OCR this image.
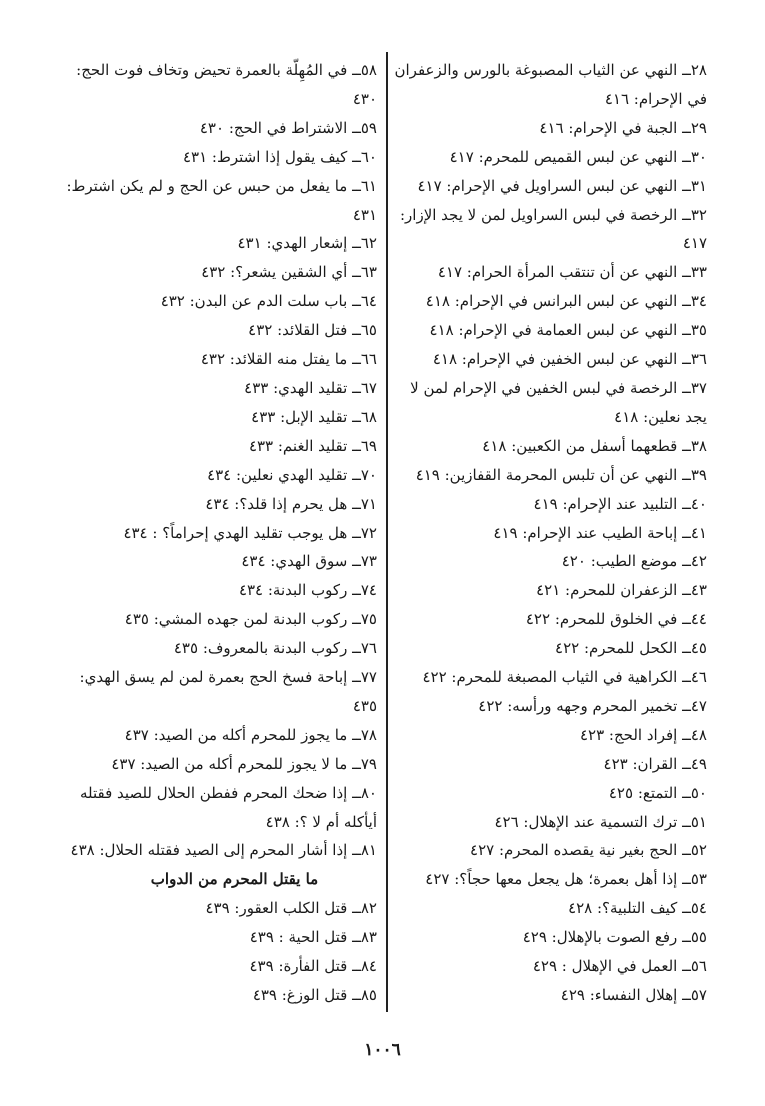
٢٨ــ النهي عن الثياب المصبوغة بالورس والزعفران في الإحرام: ٤١٦
٢٩ــ الجبة في الإحرام: ٤١٦
٣٠ــ النهي عن لبس القميص للمحرم: ٤١٧
٣١ــ النهي عن لبس السراويل في الإحرام: ٤١٧
٣٢ــ الرخصة في لبس السراويل لمن لا يجد الإزار: ٤١٧
٣٣ــ النهي عن أن تنتقب المرأة الحرام: ٤١٧
٣٤ــ النهي عن لبس البرانس في الإحرام: ٤١٨
٣٥ــ النهي عن لبس العمامة في الإحرام: ٤١٨
٣٦ــ النهي عن لبس الخفين في الإحرام: ٤١٨
٣٧ــ الرخصة في لبس الخفين في الإحرام لمن لا يجد نعلين: ٤١٨
٣٨ــ قطعهما أسفل من الكعبين: ٤١٨
٣٩ــ النهي عن أن تلبس المحرمة القفازين: ٤١٩
٤٠ــ التلبيد عند الإحرام: ٤١٩
٤١ــ إباحة الطيب عند الإحرام: ٤١٩
٤٢ــ موضع الطيب: ٤٢٠
٤٣ــ الزعفران للمحرم: ٤٢١
٤٤ــ في الخلوق للمحرم: ٤٢٢
٤٥ــ الكحل للمحرم: ٤٢٢
٤٦ــ الكراهية في الثياب المصبغة للمحرم: ٤٢٢
٤٧ــ تخمير المحرم وجهه ورأسه: ٤٢٢
٤٨ــ إفراد الحج: ٤٢٣
٤٩ــ القران: ٤٢٣
٥٠ــ التمتع: ٤٢٥
٥١ــ ترك التسمية عند الإهلال: ٤٢٦
٥٢ــ الحج بغير نية يقصده المحرم: ٤٢٧
٥٣ــ إذا أهل بعمرة؛ هل يجعل معها حجاً؟: ٤٢٧
٥٤ــ كيف التلبية؟: ٤٢٨
٥٥ــ رفع الصوت بالإهلال: ٤٢٩
٥٦ــ العمل في الإهلال : ٤٢٩
٥٧ــ إهلال النفساء: ٤٢٩
٥٨ــ في المُهِلّة بالعمرة تحيض وتخاف فوت الحج: ٤٣٠
٥٩ــ الاشتراط في الحج: ٤٣٠
٦٠ــ كيف يقول إذا اشترط: ٤٣١
٦١ــ ما يفعل من حبس عن الحج و لم يكن اشترط: ٤٣١
٦٢ــ إشعار الهدي: ٤٣١
٦٣ــ أي الشقين يشعر؟: ٤٣٢
٦٤ــ باب سلت الدم عن البدن: ٤٣٢
٦٥ــ فتل القلائد: ٤٣٢
٦٦ــ ما يفتل منه القلائد: ٤٣٢
٦٧ــ تقليد الهدي: ٤٣٣
٦٨ــ تقليد الإبل: ٤٣٣
٦٩ــ تقليد الغنم: ٤٣٣
٧٠ــ تقليد الهدي نعلين: ٤٣٤
٧١ــ هل يحرم إذا قلد؟: ٤٣٤
٧٢ــ هل يوجب تقليد الهدي إحراماً؟ : ٤٣٤
٧٣ــ سوق الهدي: ٤٣٤
٧٤ــ ركوب البدنة: ٤٣٤
٧٥ــ ركوب البدنة لمن جهده المشي: ٤٣٥
٧٦ــ ركوب البدنة بالمعروف: ٤٣٥
٧٧ــ إباحة فسخ الحج بعمرة لمن لم يسق الهدي: ٤٣٥
٧٨ــ ما يجوز للمحرم أكله من الصيد: ٤٣٧
٧٩ــ ما لا يجوز للمحرم أكله من الصيد: ٤٣٧
٨٠ــ إذا ضحك المحرم ففطن الحلال للصيد فقتله أيأكله أم لا ؟: ٤٣٨
٨١ــ إذا أشار المحرم إلى الصيد فقتله الحلال: ٤٣٨
ما يقتل المحرم من الدواب
٨٢ــ قتل الكلب العقور: ٤٣٩
٨٣ــ قتل الحية : ٤٣٩
٨٤ــ قتل الفأرة: ٤٣٩
٨٥ــ قتل الوزغ: ٤٣٩
١٠٠٦
